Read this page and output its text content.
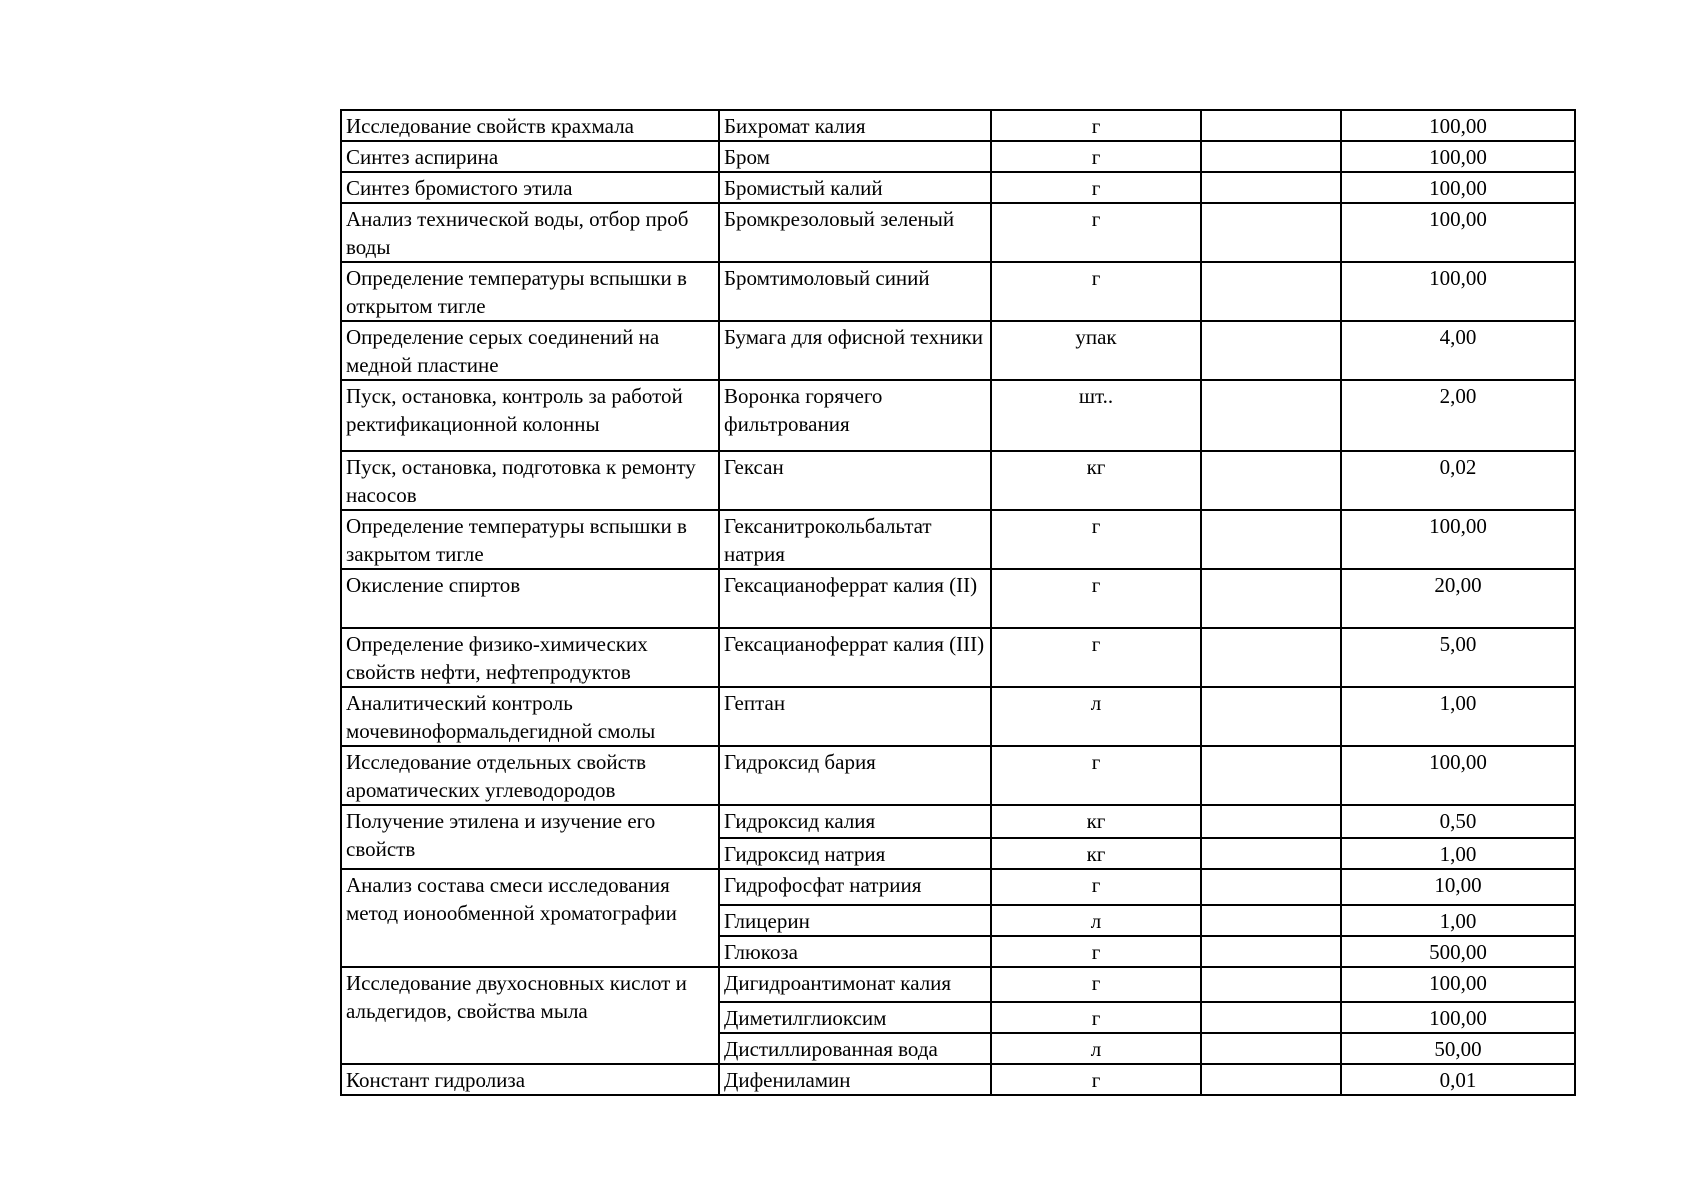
Исследование свойств крахмала	Бихромат калия	г		100,00
Синтез аспирина	Бром	г		100,00
Синтез бромистого этила	Бромистый калий	г		100,00
Анализ технической воды, отбор проб воды	Бромкрезоловый зеленый	г		100,00
Определение температуры вспышки в открытом тигле	Бромтимоловый синий	г		100,00
Определение серых соединений на медной пластине	Бумага для офисной техники	упак		4,00
Пуск, остановка, контроль за работой ректификационной колонны	Воронка горячего фильтрования	шт..		2,00
Пуск, остановка, подготовка к ремонту насосов	Гексан	кг		0,02
Определение температуры вспышки в закрытом тигле	Гексанитрокольбальтат натрия	г		100,00
Окисление спиртов	Гексацианоферрат калия (II)	г		20,00
Определение физико-химических свойств нефти, нефтепродуктов	Гексацианоферрат калия (III)	г		5,00
Аналитический контроль мочевиноформальдегидной смолы	Гептан	л		1,00
Исследование отдельных свойств ароматических углеводородов	Гидроксид бария	г		100,00
Получение этилена и изучение его свойств	Гидроксид калия	кг		0,50
	Гидроксид натрия	кг		1,00
Анализ состава смеси исследования метод ионообменной хроматографии	Гидрофосфат натриия	г		10,00
	Глицерин	л		1,00
	Глюкоза	г		500,00
Исследование двухосновных кислот и альдегидов, свойства мыла	Дигидроантимонат калия	г		100,00
	Диметилглиоксим	г		100,00
	Дистиллированная вода	л		50,00
Констант гидролиза	Дифениламин	г		0,01
